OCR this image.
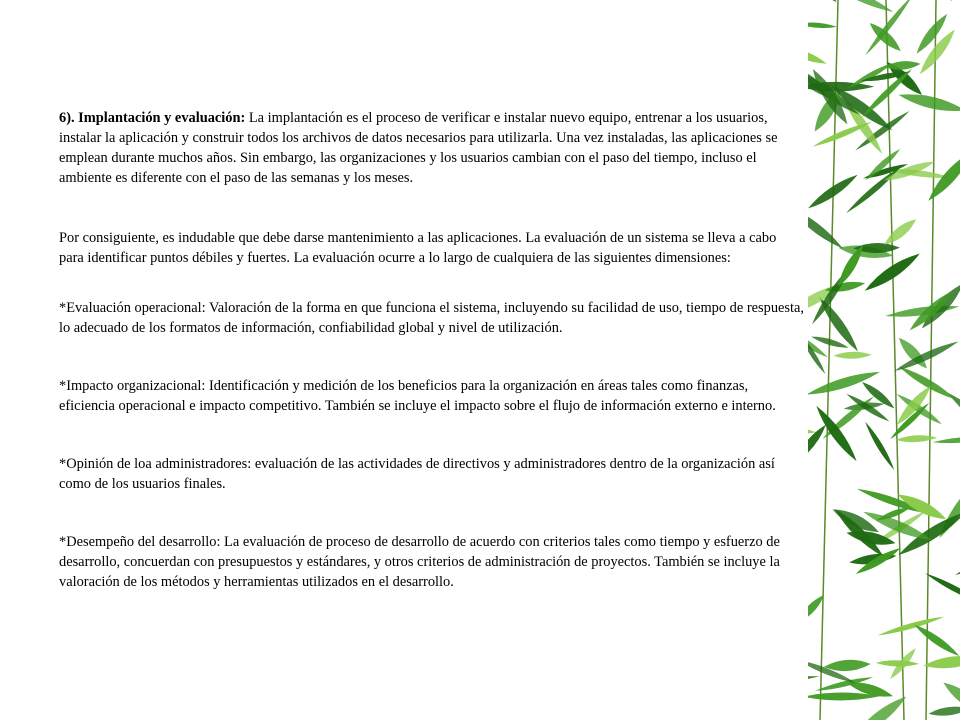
6). Implantación y evaluación: La implantación es el proceso de verificar e instalar nuevo equipo, entrenar a los usuarios, instalar la aplicación y construir todos los archivos de datos necesarios para utilizarla. Una vez instaladas, las aplicaciones se emplean durante muchos años. Sin embargo, las organizaciones y los usuarios cambian con el paso del tiempo, incluso el ambiente es diferente con el paso de las semanas y los meses.

Por consiguiente, es indudable que debe darse mantenimiento a las aplicaciones. La evaluación de un sistema se lleva a cabo para identificar puntos débiles y fuertes. La evaluación ocurre a lo largo de cualquiera de las siguientes dimensiones:

*Evaluación operacional: Valoración de la forma en que funciona el sistema, incluyendo su facilidad de uso, tiempo de respuesta, lo adecuado de los formatos de información, confiabilidad global y nivel de utilización.

*Impacto organizacional: Identificación y medición de los beneficios para la organización en áreas tales como finanzas, eficiencia operacional e impacto competitivo. También se incluye el impacto sobre el flujo de información externo e interno.

*Opinión de loa administradores: evaluación de las actividades de directivos y administradores dentro de la organización así como de los usuarios finales.

*Desempeño del desarrollo: La evaluación de proceso de desarrollo de acuerdo con criterios tales como tiempo y esfuerzo de desarrollo, concuerdan con presupuestos y estándares, y otros criterios de administración de proyectos. También se incluye la valoración de los métodos y herramientas utilizados en el desarrollo.
